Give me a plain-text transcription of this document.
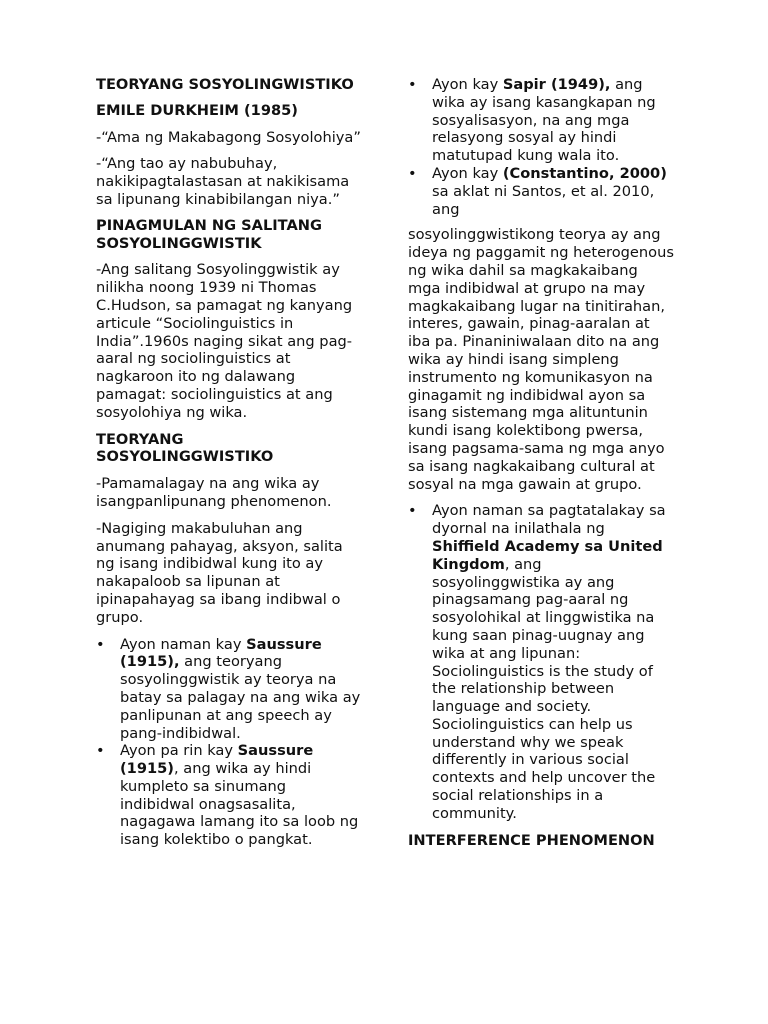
TEORYANG SOSYOLINGWISTIKO
EMILE DURKHEIM (1985)
-“Ama ng Makabagong Sosyolohiya”
-“Ang tao ay nabubuhay, nakikipagtalastasan at nakikisama sa lipunang kinabibilangan niya.”
PINAGMULAN NG SALITANG SOSYOLINGGWISTIK
-Ang salitang Sosyolinggwistik ay nilikha noong 1939 ni Thomas C.Hudson, sa pamagat ng kanyang articule “Sociolinguistics in India”.1960s naging sikat ang pag-aaral ng sociolinguistics at nagkaroon ito ng dalawang pamagat: sociolinguistics at ang sosyolohiya ng wika.
TEORYANG SOSYOLINGGWISTIKO
-Pamamalagay na ang wika ay isangpanlipunang phenomenon.
-Nagiging makabuluhan ang anumang pahayag, aksyon, salita ng isang indibidwal kung ito ay nakapaloob sa lipunan at ipinapahayag sa ibang indibwal o grupo.
• Ayon naman kay Saussure (1915), ang teoryang sosyolinggwistik ay teorya na batay sa palagay na ang wika ay panlipunan at ang speech ay pang-indibidwal.
• Ayon pa rin kay Saussure (1915), ang wika ay hindi kumpleto sa sinumang indibidwal onagsasalita, nagagawa lamang ito sa loob ng isang kolektibo o pangkat.
• Ayon kay Sapir (1949), ang wika ay isang kasangkapan ng sosyalisasyon, na ang mga relasyong sosyal ay hindi matutupad kung wala ito.
• Ayon kay (Constantino, 2000) sa aklat ni Santos, et al. 2010, ang
sosyolinggwistikong teorya ay ang ideya ng paggamit ng heterogenous ng wika dahil sa magkakaibang mga indibidwal at grupo na may magkakaibang lugar na tinitirahan, interes, gawain, pinag-aaralan at iba pa. Pinaniniwalaan dito na ang wika ay hindi isang simpleng instrumento ng komunikasyon na ginagamit ng indibidwal ayon sa isang sistemang mga alituntunin kundi isang kolektibong pwersa, isang pagsama-sama ng mga anyo sa isang nagkakaibang cultural at sosyal na mga gawain at grupo.
• Ayon naman sa pagtatalakay sa dyornal na inilathala ng Shiffield Academy sa United Kingdom, ang sosyolinggwistika ay ang pinagsamang pag-aaral ng sosyolohikal at linggwistika na kung saan pinag-uugnay ang wika at ang lipunan: Sociolinguistics is the study of the relationship between language and society. Sociolinguistics can help us understand why we speak differently in various social contexts and help uncover the social relationships in a community.
INTERFERENCE PHENOMENON
